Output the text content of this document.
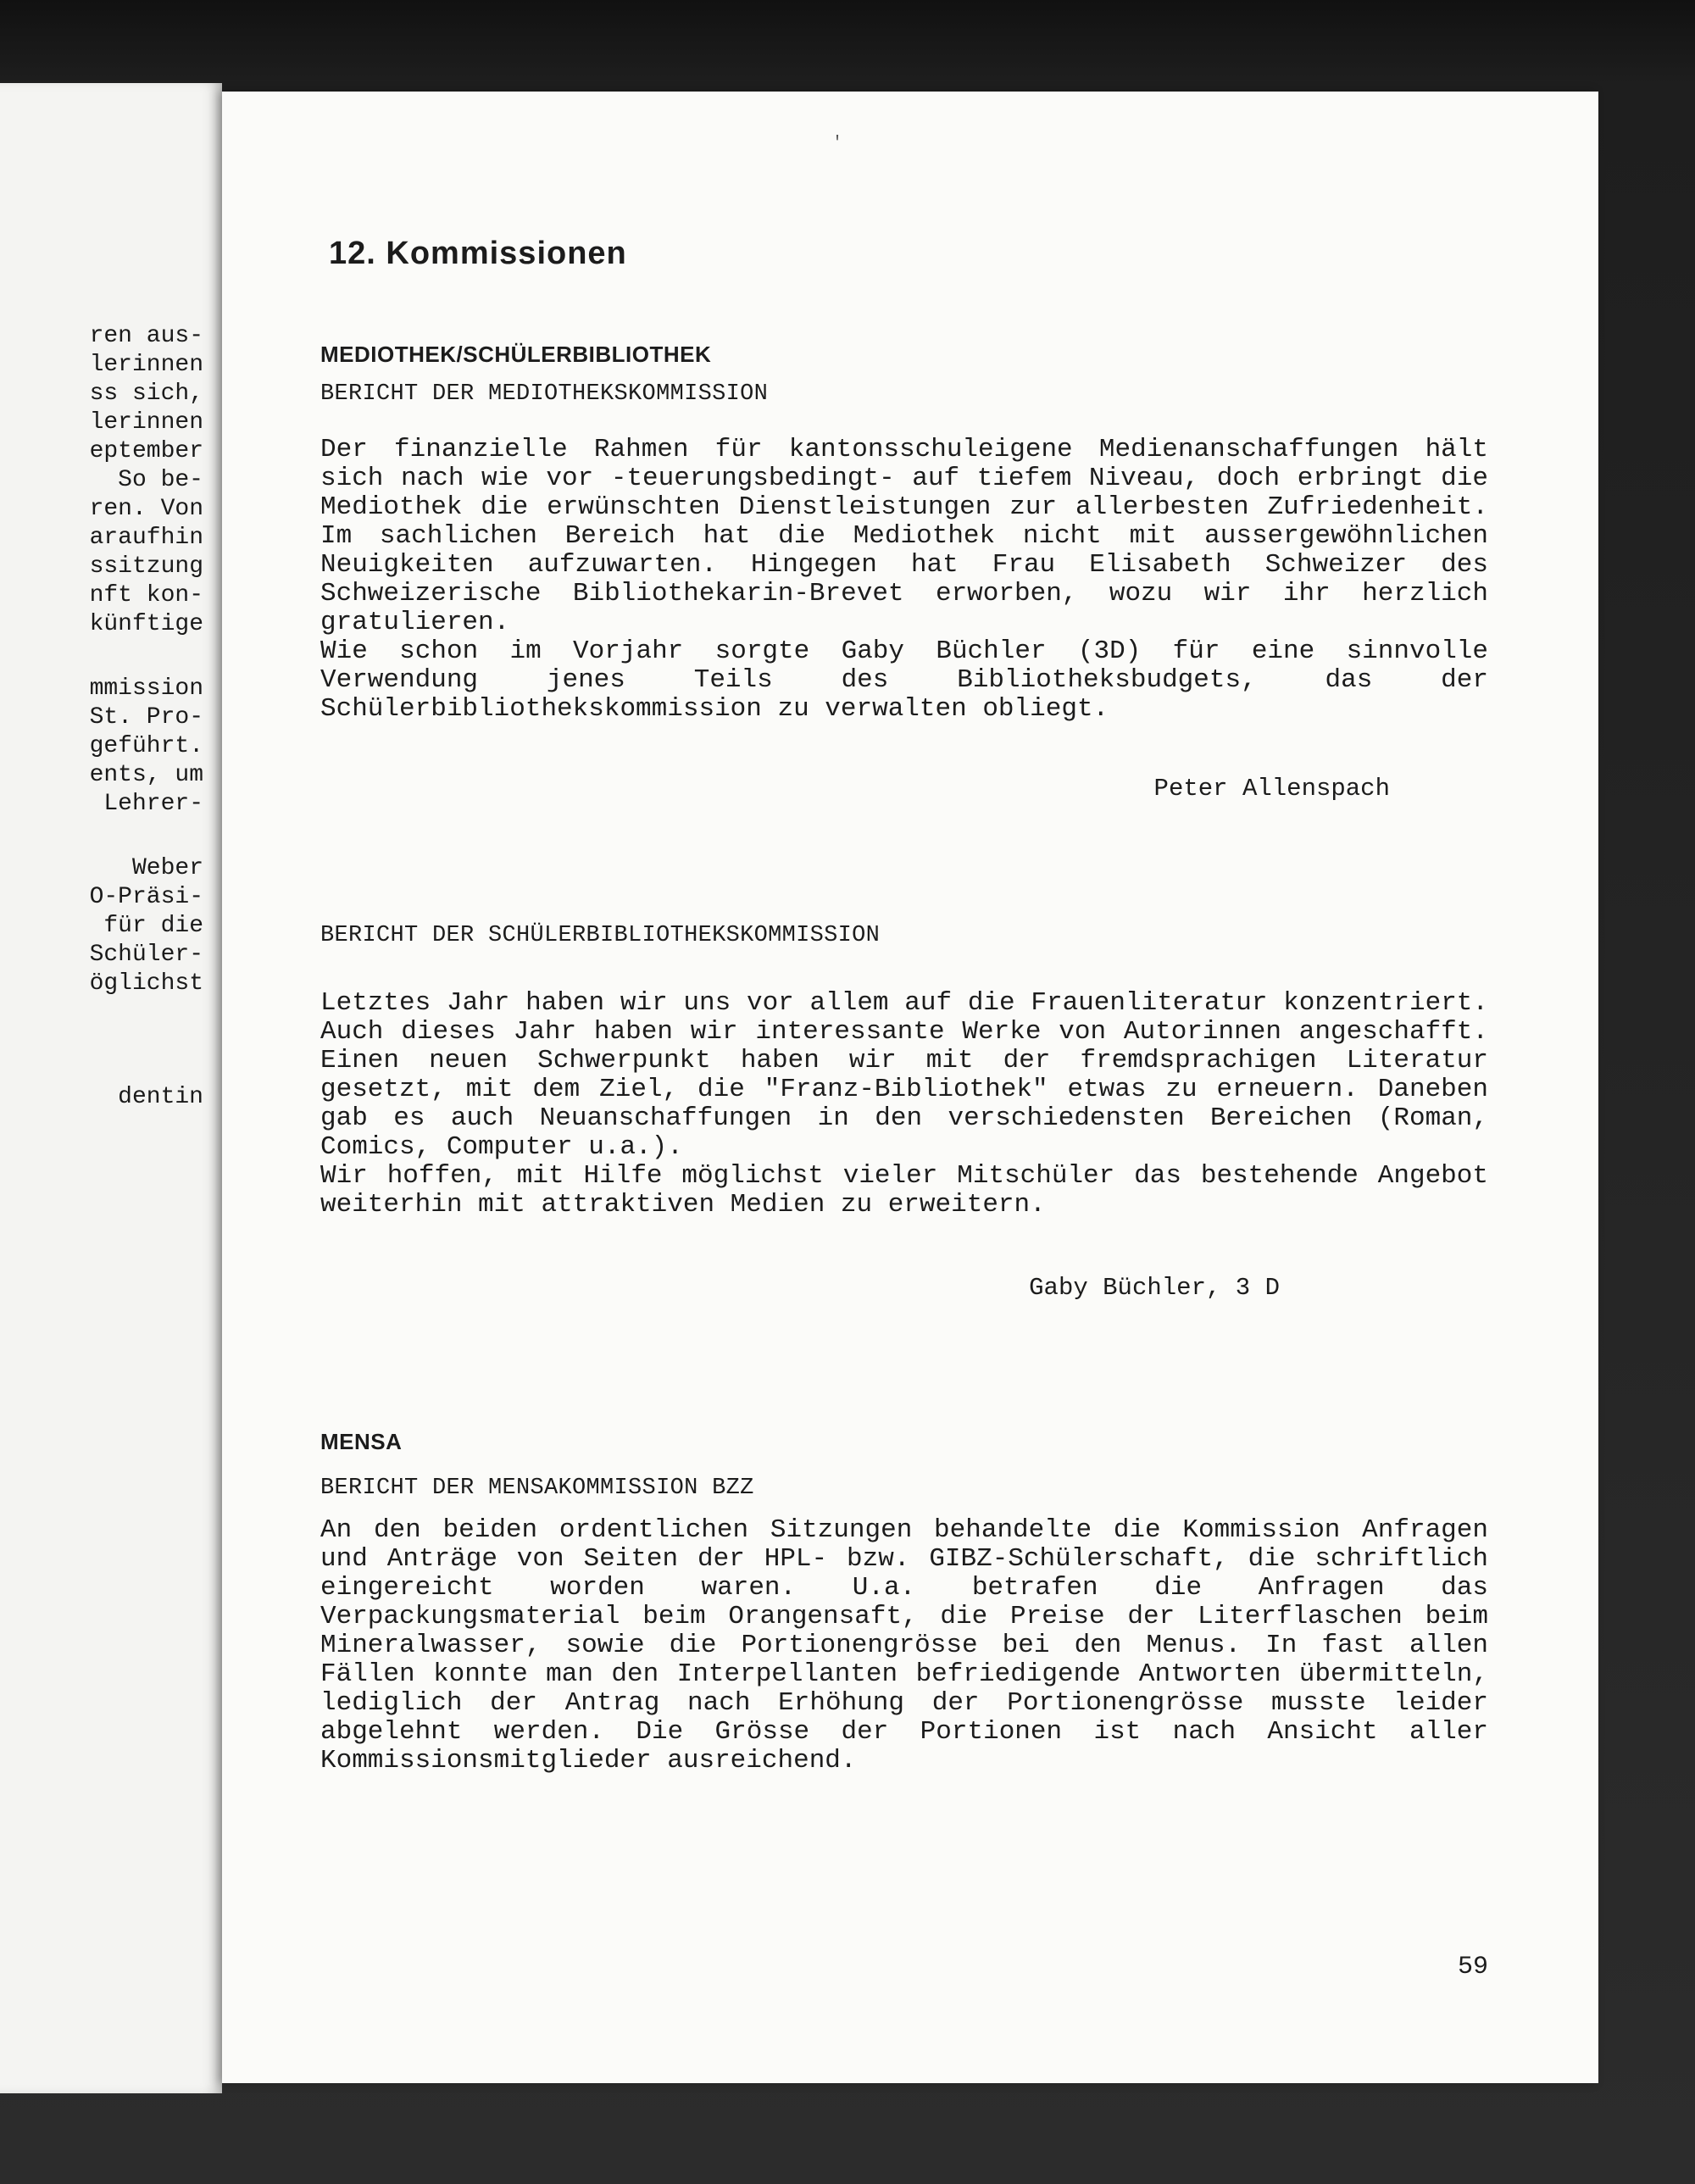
ren aus-
lerinnen
ss sich,
lerinnen
eptember
So be-
ren. Von
araufhin
ssitzung
nft kon-
künftige
mmission
St. Pro-
geführt.
ents, um
Lehrer-
Weber
O-Präsi-
für die
Schüler-
öglichst
dentin
'
12. Kommissionen
MEDIOTHEK/SCHÜLERBIBLIOTHEK
BERICHT DER MEDIOTHEKSKOMMISSION

Der finanzielle Rahmen für kantonsschuleigene Medienanschaffungen hält sich nach wie vor -teuerungsbedingt- auf tiefem Niveau, doch erbringt die Mediothek die erwünschten Dienstleistungen zur allerbesten Zufriedenheit. Im sachlichen Bereich hat die Mediothek nicht mit aussergewöhnlichen Neuigkeiten aufzuwarten. Hingegen hat Frau Elisabeth Schweizer des Schweizerische Bibliothekarin-Brevet erworben, wozu wir ihr herzlich gratulieren.

Wie schon im Vorjahr sorgte Gaby Büchler (3D) für eine sinnvolle Verwendung jenes Teils des Bibliotheksbudgets, das der Schülerbibliothekskommission zu verwalten obliegt.

Peter Allenspach
BERICHT DER SCHÜLERBIBLIOTHEKSKOMMISSION

Letztes Jahr haben wir uns vor allem auf die Frauenliteratur konzentriert. Auch dieses Jahr haben wir interessante Werke von Autorinnen angeschafft. Einen neuen Schwerpunkt haben wir mit der fremdsprachigen Literatur gesetzt, mit dem Ziel, die "Franz-Bibliothek" etwas zu erneuern. Daneben gab es auch Neuanschaffungen in den verschiedensten Bereichen (Roman, Comics, Computer u.a.).

Wir hoffen, mit Hilfe möglichst vieler Mitschüler das bestehende Angebot weiterhin mit attraktiven Medien zu erweitern.

Gaby Büchler, 3 D
MENSA
BERICHT DER MENSAKOMMISSION BZZ

An den beiden ordentlichen Sitzungen behandelte die Kommission Anfragen und Anträge von Seiten der HPL- bzw. GIBZ-Schülerschaft, die schriftlich eingereicht worden waren. U.a. betrafen die Anfragen das Verpackungsmaterial beim Orangensaft, die Preise der Literflaschen beim Mineralwasser, sowie die Portionengrösse bei den Menus. In fast allen Fällen konnte man den Interpellanten befriedigende Antworten übermitteln, lediglich der Antrag nach Erhöhung der Portionengrösse musste leider abgelehnt werden. Die Grösse der Portionen ist nach Ansicht aller Kommissionsmitglieder ausreichend.

59
